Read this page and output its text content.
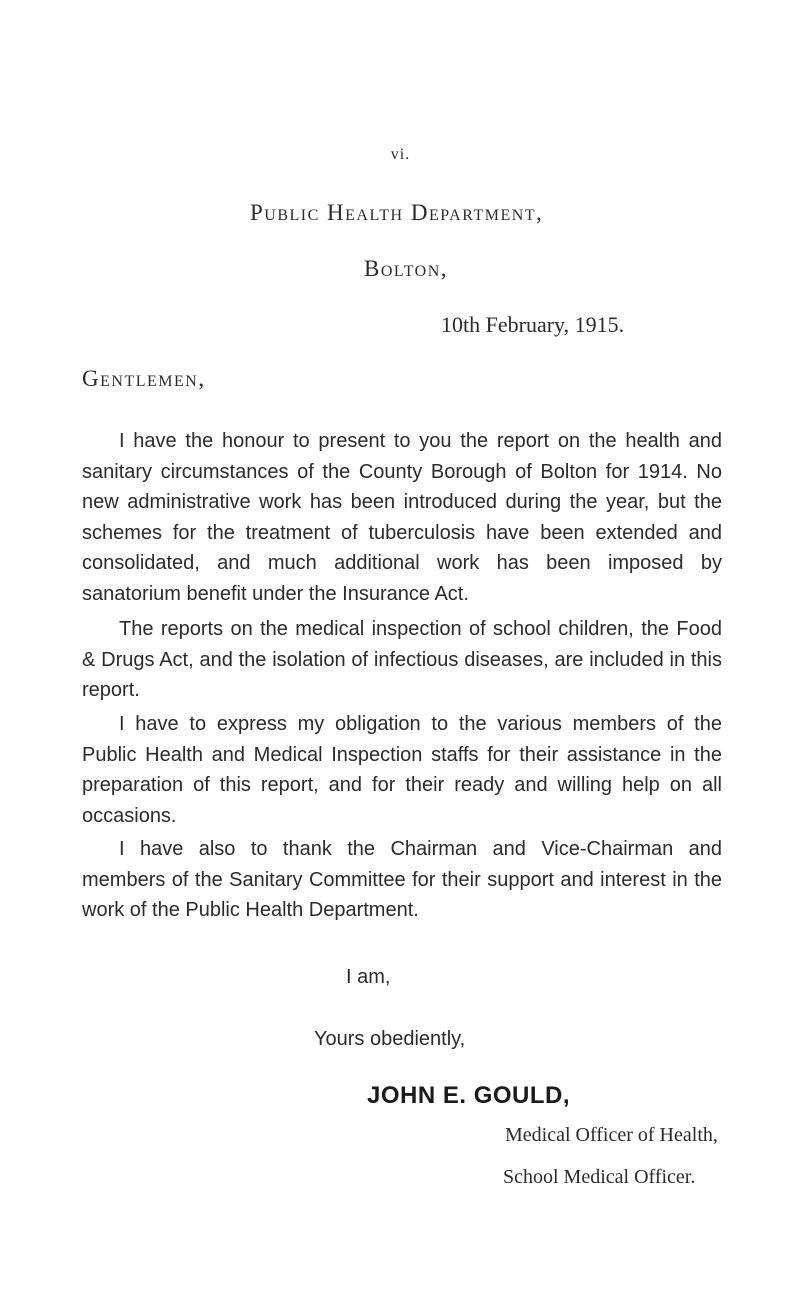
vi.
Public Health Department,
Bolton,
10th February, 1915.
Gentlemen,

I have the honour to present to you the report on the health and sanitary circumstances of the County Borough of Bolton for 1914. No new administrative work has been introduced during the year, but the schemes for the treatment of tuberculosis have been extended and consolidated, and much additional work has been imposed by sanatorium benefit under the Insurance Act.

The reports on the medical inspection of school children, the Food & Drugs Act, and the isolation of infectious diseases, are included in this report.

I have to express my obligation to the various members of the Public Health and Medical Inspection staffs for their assistance in the preparation of this report, and for their ready and willing help on all occasions.

I have also to thank the Chairman and Vice-Chairman and members of the Sanitary Committee for their support and interest in the work of the Public Health Department.

I am,
Yours obediently,
JOHN E. GOULD,
Medical Officer of Health,
School Medical Officer.
